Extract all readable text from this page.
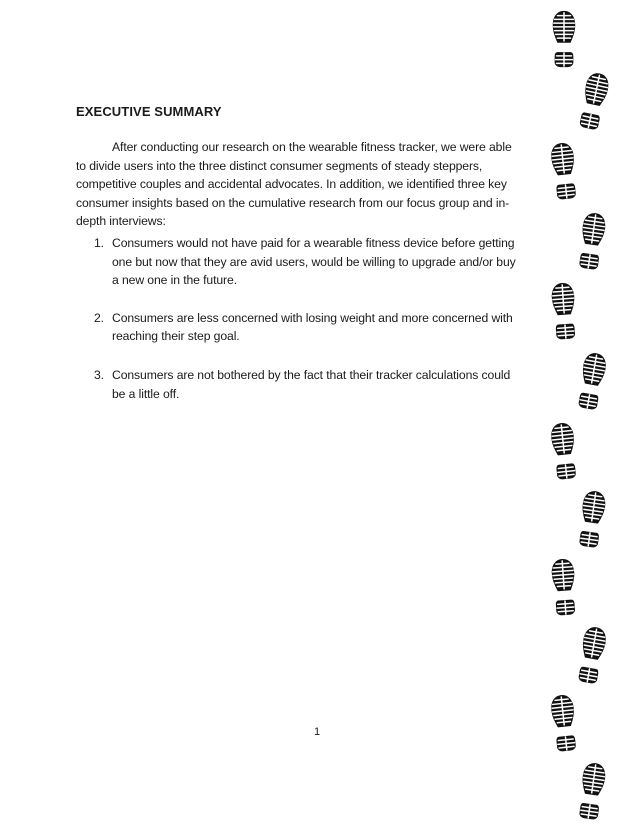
EXECUTIVE SUMMARY

After conducting our research on the wearable fitness tracker, we were able
to divide users into the three distinct consumer segments of steady steppers,
competitive couples and accidental advocates. In addition, we identified three key
consumer insights based on the cumulative research from our focus group and in-
depth interviews:

1. Consumers would not have paid for a wearable fitness device before getting
one but now that they are avid users, would be willing to upgrade and/or buy
a new one in the future.
2. Consumers are less concerned with losing weight and more concerned with
reaching their step goal.
3. Consumers are not bothered by the fact that their tracker calculations could
be a little off.
1
